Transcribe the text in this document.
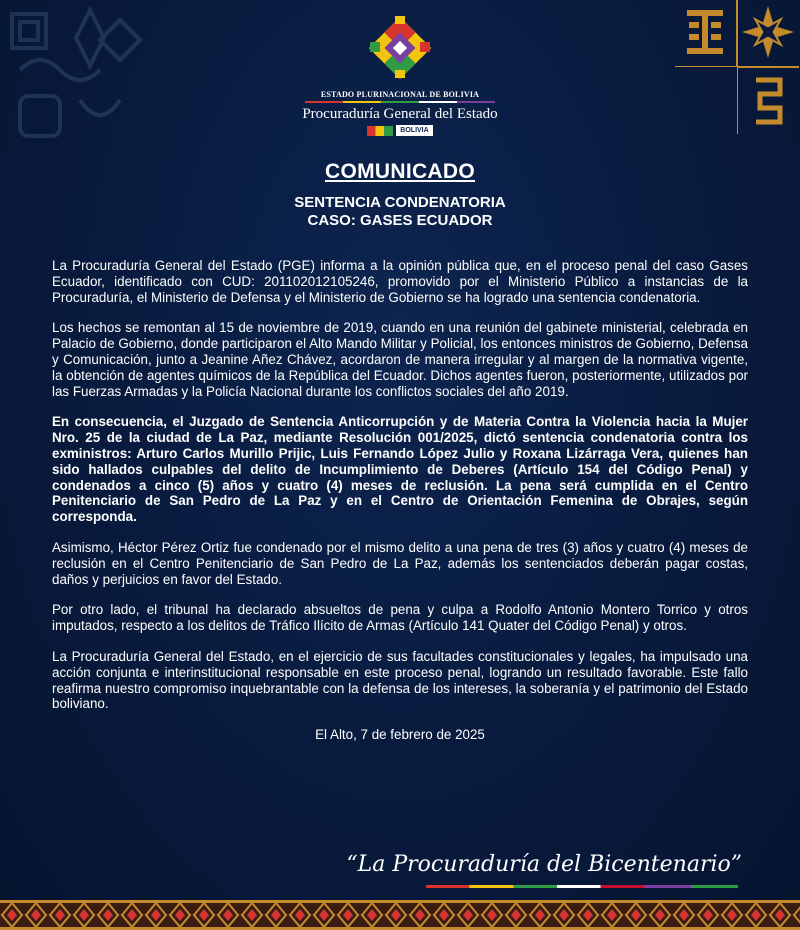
ESTADO PLURINACIONAL DE BOLIVIA
Procuraduría General del Estado
BOLIVIA
COMUNICADO
SENTENCIA CONDENATORIA
CASO: GASES ECUADOR

La Procuraduría General del Estado (PGE) informa a la opinión pública que, en el proceso penal del caso Gases Ecuador, identificado con CUD: 201102012105246, promovido por el Ministerio Público a instancias de la Procuraduría, el Ministerio de Defensa y el Ministerio de Gobierno se ha logrado una sentencia condenatoria.

Los hechos se remontan al 15 de noviembre de 2019, cuando en una reunión del gabinete ministerial, celebrada en Palacio de Gobierno, donde participaron el Alto Mando Militar y Policial, los entonces ministros de Gobierno, Defensa y Comunicación, junto a Jeanine Añez Chávez, acordaron de manera irregular y al margen de la normativa vigente, la obtención de agentes químicos de la República del Ecuador. Dichos agentes fueron, posteriormente, utilizados por las Fuerzas Armadas y la Policía Nacional durante los conflictos sociales del año 2019.

En consecuencia, el Juzgado de Sentencia Anticorrupción y de Materia Contra la Violencia hacia la Mujer Nro. 25 de la ciudad de La Paz, mediante Resolución 001/2025, dictó sentencia condenatoria contra los exministros: Arturo Carlos Murillo Prijic, Luis Fernando López Julio y Roxana Lizárraga Vera, quienes han sido hallados culpables del delito de Incumplimiento de Deberes (Artículo 154 del Código Penal) y condenados a cinco (5) años y cuatro (4) meses de reclusión. La pena será cumplida en el Centro Penitenciario de San Pedro de La Paz y en el Centro de Orientación Femenina de Obrajes, según corresponda.

Asimismo, Héctor Pérez Ortiz fue condenado por el mismo delito a una pena de tres (3) años y cuatro (4) meses de reclusión en el Centro Penitenciario de San Pedro de La Paz, además los sentenciados deberán pagar costas, daños y perjuicios en favor del Estado.

Por otro lado, el tribunal ha declarado absueltos de pena y culpa a Rodolfo Antonio Montero Torrico y otros imputados, respecto a los delitos de Tráfico Ilícito de Armas (Artículo 141 Quater del Código Penal) y otros.

La Procuraduría General del Estado, en el ejercicio de sus facultades constitucionales y legales, ha impulsado una acción conjunta e interinstitucional responsable en este proceso penal, logrando un resultado favorable. Este fallo reafirma nuestro compromiso inquebrantable con la defensa de los intereses, la soberanía y el patrimonio del Estado boliviano.

El Alto, 7 de febrero de 2025
“La Procuraduría del Bicentenario”
